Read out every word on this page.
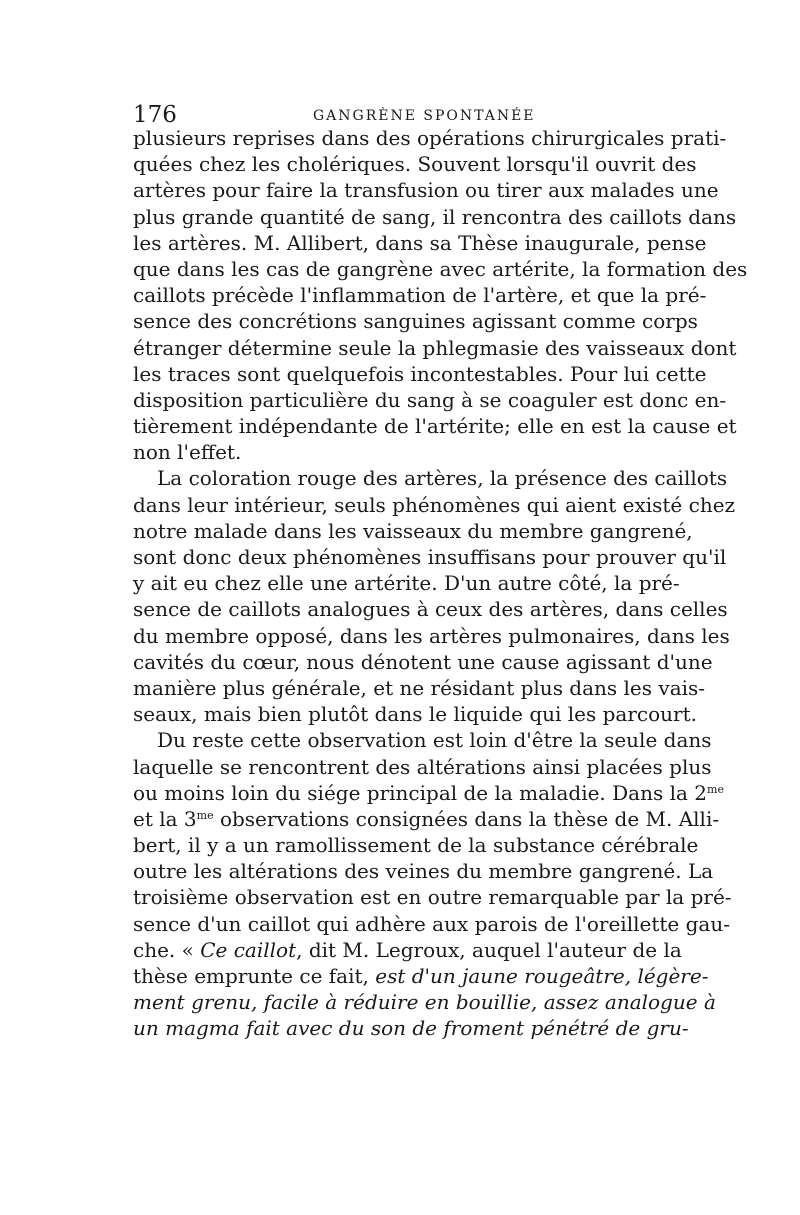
176	GANGRÈNE SPONTANÉE
plusieurs reprises dans des opérations chirurgicales prati-
quées chez les cholériques. Souvent lorsqu'il ouvrit des
artères pour faire la transfusion ou tirer aux malades une
plus grande quantité de sang, il rencontra des caillots dans
les artères. M. Allibert, dans sa Thèse inaugurale, pense
que dans les cas de gangrène avec artérite, la formation des
caillots précède l'inflammation de l'artère, et que la pré-
sence des concrétions sanguines agissant comme corps
étranger détermine seule la phlegmasie des vaisseaux dont
les traces sont quelquefois incontestables. Pour lui cette
disposition particulière du sang à se coaguler est donc en-
tièrement indépendante de l'artérite; elle en est la cause et
non l'effet.
La coloration rouge des artères, la présence des caillots
dans leur intérieur, seuls phénomènes qui aient existé chez
notre malade dans les vaisseaux du membre gangrené,
sont donc deux phénomènes insuffisans pour prouver qu'il
y ait eu chez elle une artérite. D'un autre côté, la pré-
sence de caillots analogues à ceux des artères, dans celles
du membre opposé, dans les artères pulmonaires, dans les
cavités du cœur, nous dénotent une cause agissant d'une
manière plus générale, et ne résidant plus dans les vais-
seaux, mais bien plutôt dans le liquide qui les parcourt.
Du reste cette observation est loin d'être la seule dans
laquelle se rencontrent des altérations ainsi placées plus
ou moins loin du siége principal de la maladie. Dans la $2^{me}$
et la $3^{me}$ observations consignées dans la thèse de M. Alli-
bert, il y a un ramollissement de la substance cérébrale
outre les altérations des veines du membre gangrené. La
troisième observation est en outre remarquable par la pré-
sence d'un caillot qui adhère aux parois de l'oreillette gau-
che. « Ce caillot, dit M. Legroux, auquel l'auteur de la
thèse emprunte ce fait, est d'un jaune rougeâtre, légère-
ment grenu, facile à réduire en bouillie, assez analogue à
un magma fait avec du son de froment pénétré de gru-
